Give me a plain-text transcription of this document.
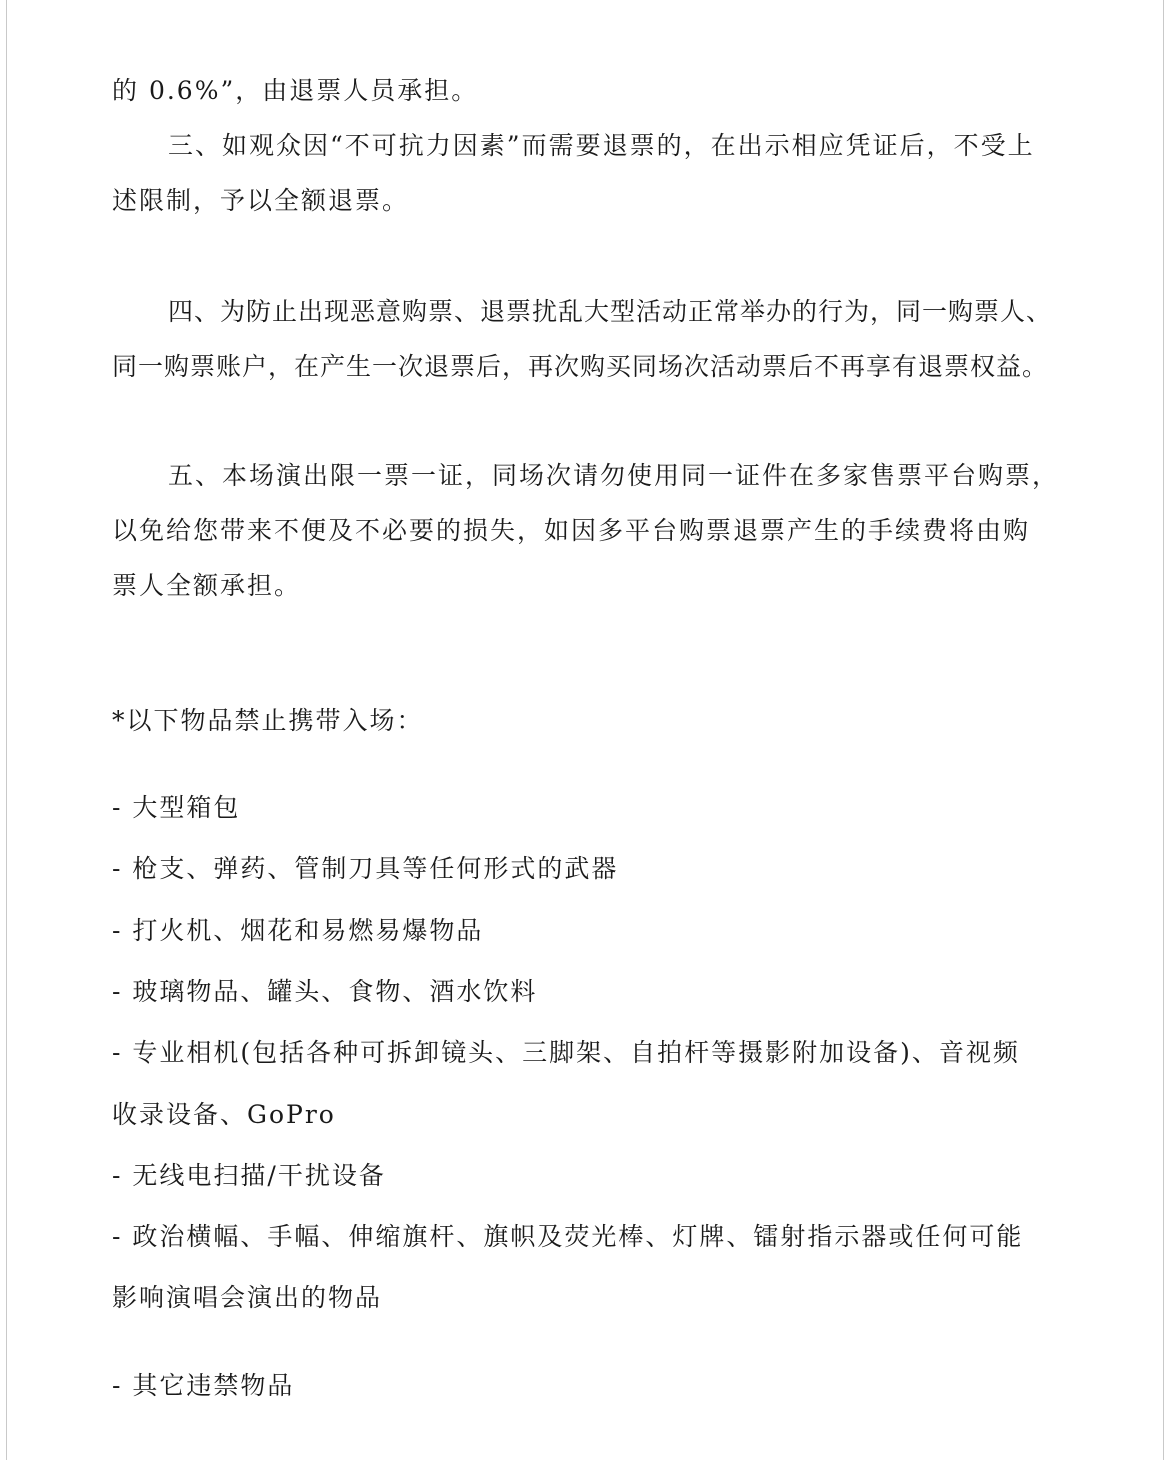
的 0.6%”，由退票人员承担。
三、如观众因“不可抗力因素”而需要退票的，在出示相应凭证后，不受上
述限制，予以全额退票。
四、为防止出现恶意购票、退票扰乱大型活动正常举办的行为，同一购票人、
同一购票账户，在产生一次退票后，再次购买同场次活动票后不再享有退票权益。
五、本场演出限一票一证，同场次请勿使用同一证件在多家售票平台购票，
以免给您带来不便及不必要的损失，如因多平台购票退票产生的手续费将由购
票人全额承担。
*以下物品禁止携带入场：
- 大型箱包
- 枪支、弹药、管制刀具等任何形式的武器
- 打火机、烟花和易燃易爆物品
- 玻璃物品、罐头、食物、酒水饮料
- 专业相机(包括各种可拆卸镜头、三脚架、自拍杆等摄影附加设备)、音视频
收录设备、GoPro
- 无线电扫描/干扰设备
- 政治横幅、手幅、伸缩旗杆、旗帜及荧光棒、灯牌、镭射指示器或任何可能
影响演唱会演出的物品
- 其它违禁物品
